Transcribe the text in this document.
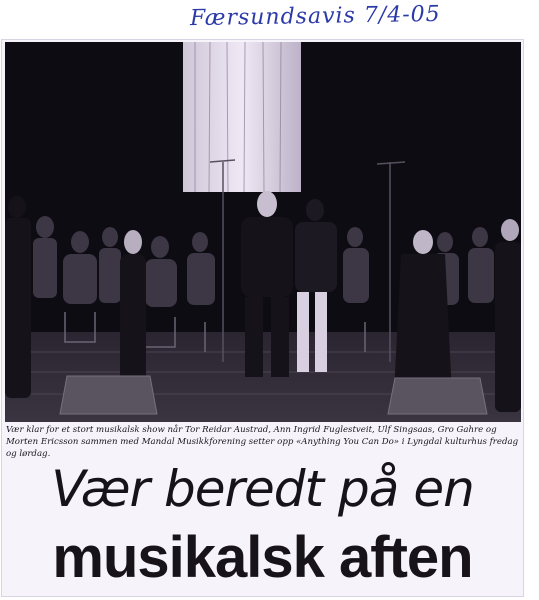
Færsundsavis 7/4-05
Vær klar for et stort musikalsk show når Tor Reidar Austrad, Ann Ingrid Fuglestveit, Ulf Singsaas, Gro Gahre og Morten Ericsson sammen med Mandal Musikkforening setter opp «Anything You Can Do» i Lyngdal kulturhus fredag og lørdag.
Vær beredt på en
musikalsk aften
